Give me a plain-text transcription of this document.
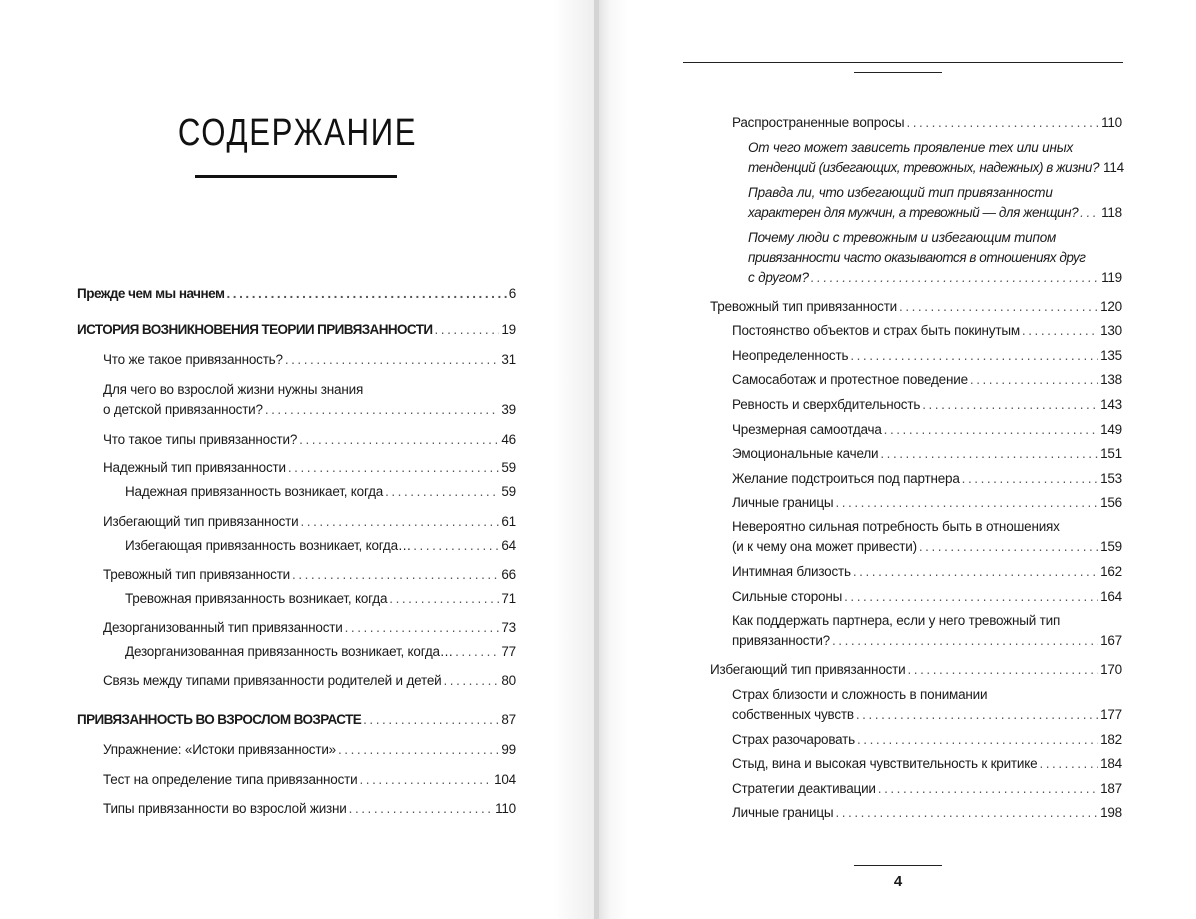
СОДЕРЖАНИЕ
Прежде чем мы начнем . . .	6
ИСТОРИЯ ВОЗНИКНОВЕНИЯ ТЕОРИИ ПРИВЯЗАННОСТИ . . .	19
Что же такое привязанность? . . .	31
Для чего во взрослой жизни нужны знания
о детской привязанности? . . .	39
Что такое типы привязанности? . . .	46
Надежный тип привязанности . . .	59
Надежная привязанность возникает, когда . . .	59
Избегающий тип привязанности . . .	61
Избегающая привязанность возникает, когда… . . .	64
Тревожный тип привязанности . . .	66
Тревожная привязанность возникает, когда . . .	71
Дезорганизованный тип привязанности . . .	73
Дезорганизованная привязанность возникает, когда… . . .	77
Связь между типами привязанности родителей и детей . . .	80
ПРИВЯЗАННОСТЬ ВО ВЗРОСЛОМ ВОЗРАСТЕ . . .	87
Упражнение: «Истоки привязанности» . . .	99
Тест на определение типа привязанности . . .	104
Типы привязанности во взрослой жизни . . .	110
Распространенные вопросы . . .	110
От чего может зависеть проявление тех или иных
тенденций (избегающих, тревожных, надежных) в жизни? 114
Правда ли, что избегающий тип привязанности
характерен для мужчин, а тревожный — для женщин? . . . 118
Почему люди с тревожным и избегающим типом
привязанности часто оказываются в отношениях друг
с другом? . . .	119
Тревожный тип привязанности . . .	120
Постоянство объектов и страх быть покинутым . . .	130
Неопределенность . . .	135
Самосаботаж и протестное поведение . . .	138
Ревность и сверхбдительность . . .	143
Чрезмерная самоотдача . . .	149
Эмоциональные качели . . .	151
Желание подстроиться под партнера . . .	153
Личные границы . . .	156
Невероятно сильная потребность быть в отношениях
(и к чему она может привести) . . .	159
Интимная близость . . .	162
Сильные стороны . . .	164
Как поддержать партнера, если у него тревожный тип
привязанности? . . .	167
Избегающий тип привязанности . . .	170
Страх близости и сложность в понимании
собственных чувств . . .	177
Страх разочаровать . . .	182
Стыд, вина и высокая чувствительность к критике . . .	184
Стратегии деактивации . . .	187
Личные границы . . .	198
4
